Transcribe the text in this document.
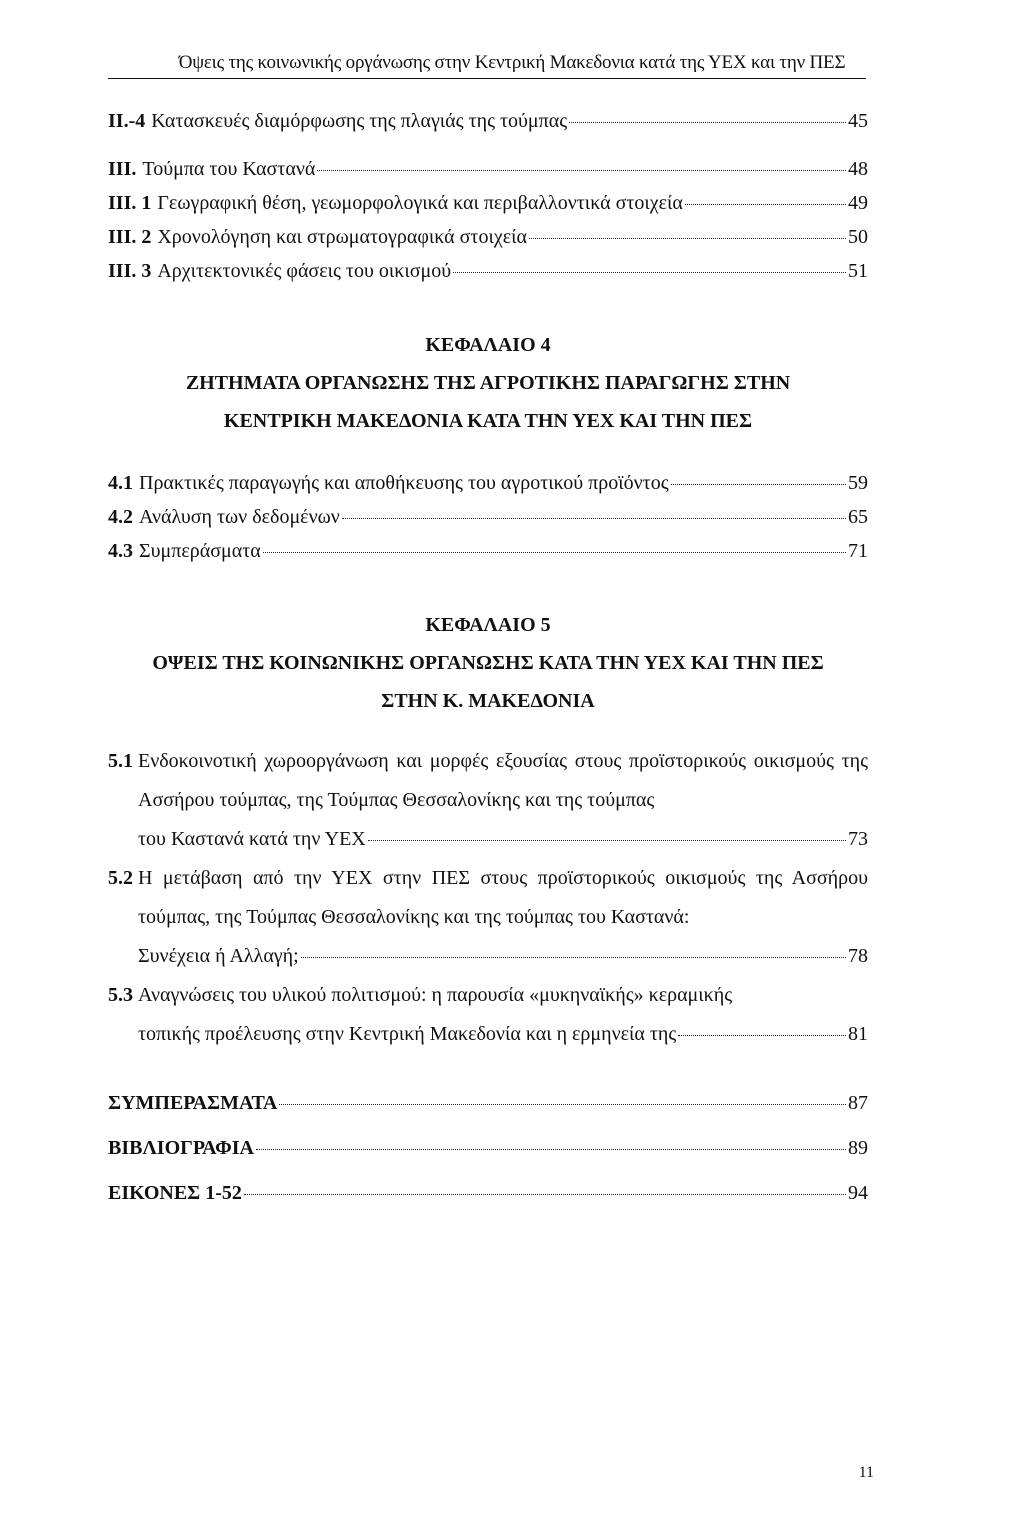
Όψεις της κοινωνικής οργάνωσης στην Κεντρική Μακεδονια κατά της ΥΕΧ και την ΠΕΣ
II.-4 Κατασκευές διαμόρφωσης της πλαγιάς της τούμπας	45
III. Τούμπα του Καστανά	48
III. 1 Γεωγραφική θέση, γεωμορφολογικά και περιβαλλοντικά στοιχεία	49
III. 2 Χρονολόγηση και στρωματογραφικά στοιχεία	50
III. 3 Αρχιτεκτονικές φάσεις του οικισμού	51
ΚΕΦΑΛΑΙΟ 4
ΖΗΤΗΜΑΤΑ ΟΡΓΑΝΩΣΗΣ ΤΗΣ ΑΓΡΟΤΙΚΗΣ ΠΑΡΑΓΩΓΗΣ ΣΤΗΝ
ΚΕΝΤΡΙΚΗ ΜΑΚΕΔΟΝΙΑ ΚΑΤΑ ΤΗΝ ΥΕΧ ΚΑΙ ΤΗΝ ΠΕΣ
4.1 Πρακτικές παραγωγής και αποθήκευσης του αγροτικού προϊόντος	59
4.2 Ανάλυση των δεδομένων	65
4.3 Συμπεράσματα	71
ΚΕΦΑΛΑΙΟ 5
ΟΨΕΙΣ ΤΗΣ ΚΟΙΝΩΝΙΚΗΣ ΟΡΓΑΝΩΣΗΣ ΚΑΤΑ ΤΗΝ ΥΕΧ ΚΑΙ ΤΗΝ ΠΕΣ
ΣΤΗΝ Κ. ΜΑΚΕΔΟΝΙΑ
5.1 Ενδοκοινοτική χωροοργάνωση και μορφές εξουσίας στους προϊστορικούς οικισμούς της Ασσήρου τούμπας, της Τούμπας Θεσσαλονίκης και της τούμπας
του Καστανά κατά την ΥΕΧ	73
5.2 Η μετάβαση από την ΥΕΧ στην ΠΕΣ στους προϊστορικούς οικισμούς της Ασσήρου τούμπας, της Τούμπας Θεσσαλονίκης και της τούμπας του Καστανά:
Συνέχεια ή Αλλαγή;	78
5.3 Αναγνώσεις του υλικού πολιτισμού: η παρουσία «μυκηναϊκής» κεραμικής
τοπικής προέλευσης στην Κεντρική Μακεδονία και η ερμηνεία της	81
ΣΥΜΠΕΡΑΣΜΑΤΑ	87
ΒΙΒΛΙΟΓΡΑΦΙΑ	89
ΕΙΚΟΝΕΣ 1-52	94
11
